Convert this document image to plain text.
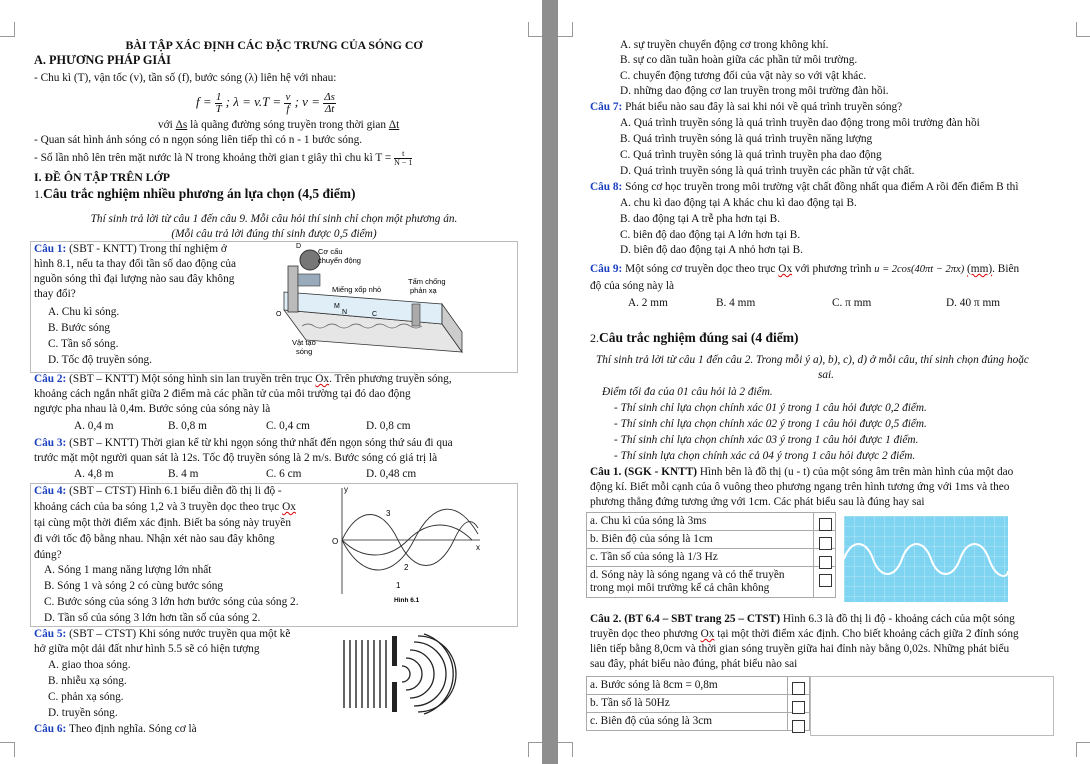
BÀI TẬP XÁC ĐỊNH CÁC ĐẶC TRƯNG CỦA SÓNG CƠ
A. PHƯƠNG PHÁP GIẢI
- Chu kì (T), vận tốc (v), tần số (f), bước sóng (λ) liên hệ với nhau:
$f = \frac{1}{T}$ ; $\lambda = v.T = \frac{v}{f}$ ; $v = \frac{\Delta s}{\Delta t}$
với Δs là quãng đường sóng truyền trong thời gian Δt
- Quan sát hình ảnh sóng có n ngọn sóng liên tiếp thì có n - 1 bước sóng.
- Số lần nhô lên trên mặt nước là N trong khoảng thời gian t giây thì chu kì $T = \frac{t}{N - 1}$
I. ĐỀ ÔN TẬP TRÊN LỚP
1.Câu trắc nghiệm nhiều phương án lựa chọn (4,5 điểm)
Thí sinh trả lời từ câu 1 đến câu 9. Mỗi câu hỏi thí sinh chỉ chọn một phương án.
(Mỗi câu trả lời đúng thí sinh được 0,5 điểm)
Câu 1: (SBT - KNTT) Trong thí nghiệm ở
hình 8.1, nếu ta thay đổi tần số dao động của
nguồn sóng thì đại lượng nào sau đây không
thay đổi?
A. Chu kì sóng.
B. Bước sóng
C. Tần số sóng.
D. Tốc độ truyền sóng.
Cơ cấu
chuyển động
Miếng xốp nhỏ
Tấm chống
phản xạ
Vật tạo
sóng
D
O
M
N	C
Câu 2: (SBT – KNTT) Một sóng hình sin lan truyền trên trục Ox. Trên phương truyền sóng,
khoảng cách ngắn nhất giữa 2 điểm mà các phần tử của môi trường tại đó dao động
ngược pha nhau là 0,4m. Bước sóng của sóng này là
A. 0,4 m	B. 0,8 m	C. 0,4 cm	D. 0,8 cm
Câu 3: (SBT – KNTT) Thời gian kể từ khi ngọn sóng thứ nhất đến ngọn sóng thứ sáu đi qua
trước mặt một người quan sát là 12s. Tốc độ truyền sóng là 2 m/s. Bước sóng có giá trị là
A. 4,8 m	B. 4 m	C. 6 cm	D. 0,48 cm
Câu 4: (SBT – CTST) Hình 6.1 biểu diễn đồ thị li độ -
khoảng cách của ba sóng 1,2 và 3 truyền dọc theo trục Ox
tại cùng một thời điểm xác định. Biết ba sóng này truyền
đi với tốc độ bằng nhau. Nhận xét nào sau đây không
đúng?
A. Sóng 1 mang năng lượng lớn nhất
B. Sóng 1 và sóng 2 có cùng bước sóng
C. Bước sóng của sóng 3 lớn hơn bước sóng của sóng 2.
D. Tần số của sóng 3 lớn hơn tần số của sóng 2.
y
x
O
1
2
3
Hình 6.1
Câu 5: (SBT – CTST) Khi sóng nước truyền qua một kẽ
hở giữa một dải đất như hình 5.5 sẽ có hiện tượng
A. giao thoa sóng.
B. nhiễu xạ sóng.
C. phản xạ sóng.
D. truyền sóng.
Câu 6: Theo định nghĩa. Sóng cơ là
A. sự truyền chuyển động cơ trong không khí.
B. sự co dãn tuần hoàn giữa các phần tử môi trường.
C. chuyển động tương đối của vật này so với vật khác.
D. những dao động cơ lan truyền trong môi trường đàn hồi.
Câu 7: Phát biểu nào sau đây là sai khi nói về quá trình truyền sóng?
A. Quá trình truyền sóng là quá trình truyền dao động trong môi trường đàn hồi
B. Quá trình truyền sóng là quá trình truyền năng lượng
C. Quá trình truyền sóng là quá trình truyền pha dao động
D. Quá trình truyền sóng là quá trình truyền các phần tử vật chất.
Câu 8: Sóng cơ học truyền trong môi trường vật chất đồng nhất qua điểm A rồi đến điểm B thì
A. chu kì dao động tại A khác chu kì dao động tại B.
B. dao động tại A trễ pha hơn tại B.
C. biên độ dao động tại A lớn hơn tại B.
D. biên độ dao động tại A nhỏ hơn tại B.
Câu 9: Một sóng cơ truyền dọc theo trục Ox với phương trình u = 2cos(40πt − 2πx) (mm). Biên
độ của sóng này là
A. 2 mm	B. 4 mm	C. π mm	D. 40 π mm
2.Câu trắc nghiệm đúng sai (4 điểm)
Thí sinh trả lời từ câu 1 đến câu 2. Trong mỗi ý a), b), c), d) ở mỗi câu, thí sinh chọn đúng hoặc
sai.
Điểm tối đa của 01 câu hỏi là 2 điểm.
- Thí sinh chỉ lựa chọn chính xác 01 ý trong 1 câu hỏi được 0,2 điểm.
- Thí sinh chỉ lựa chọn chính xác 02 ý trong 1 câu hỏi được 0,5 điểm.
- Thí sinh chỉ lựa chọn chính xác 03 ý trong 1 câu hỏi được 1 điểm.
- Thí sinh lựa chọn chính xác cả 04 ý trong 1 câu hỏi được 2 điểm.
Câu 1. (SGK - KNTT) Hình bên là đồ thị (u - t) của một sóng âm trên màn hình của một dao
động kí. Biết mỗi cạnh của ô vuông theo phương ngang trên hình tương ứng với 1ms và theo
phương thẳng đứng tương ứng với 1cm. Các phát biểu sau là đúng hay sai
a. Chu kì của sóng là 3ms	
b. Biên độ của sóng là 1cm	
c. Tần số của sóng là 1/3 Hz	

d. Sóng này là sóng ngang và có thể truyền
trong mọi môi trường kể cả chân không	

Câu 2. (BT 6.4 – SBT trang 25 – CTST) Hình 6.3 là đồ thị li độ - khoảng cách của một sóng
truyền dọc theo phương Ox tại một thời điểm xác định. Cho biết khoảng cách giữa 2 đỉnh sóng
liên tiếp bằng 8,0cm và thời gian sóng truyền giữa hai đỉnh này bằng 0,02s. Những phát biểu
sau đây, phát biểu nào đúng, phát biểu nào sai
a. Bước sóng là 8cm = 0,8m	
b. Tần số là 50Hz	
c. Biên độ của sóng là 3cm	
